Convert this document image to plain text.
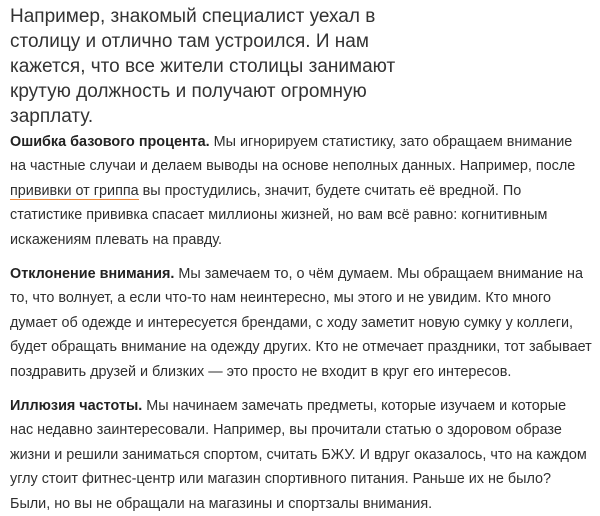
Например, знакомый специалист уехал в
столицу и отлично там устроился. И нам
кажется, что все жители столицы занимают
крутую должность и получают огромную
зарплату.

Ошибка базового процента. Мы игнорируем статистику, зато обращаем внимание на частные случаи и делаем выводы на основе неполных данных. Например, после прививки от гриппа вы простудились, значит, будете считать её вредной. По статистике прививка спасает миллионы жизней, но вам всё равно: когнитивным искажениям плевать на правду.

Отклонение внимания. Мы замечаем то, о чём думаем. Мы обращаем внимание на то, что волнует, а если что-то нам неинтересно, мы этого и не увидим. Кто много думает об одежде и интересуется брендами, с ходу заметит новую сумку у коллеги, будет обращать внимание на одежду других. Кто не отмечает праздники, тот забывает поздравить друзей и близких — это просто не входит в круг его интересов.

Иллюзия частоты. Мы начинаем замечать предметы, которые изучаем и которые нас недавно заинтересовали. Например, вы прочитали статью о здоровом образе жизни и решили заниматься спортом, считать БЖУ. И вдруг оказалось, что на каждом углу стоит фитнес-центр или магазин спортивного питания. Раньше их не было? Были, но вы не обращали на магазины и спортзалы внимания.
